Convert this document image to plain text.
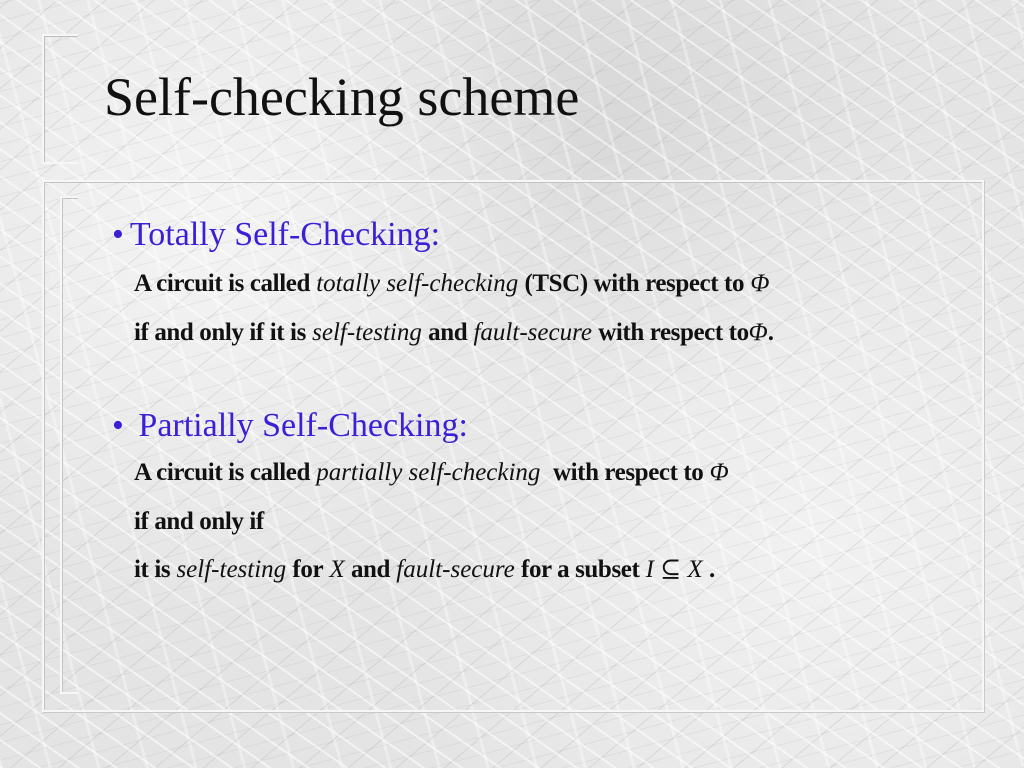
Self-checking scheme
• Totally Self-Checking:
A circuit is called totally self-checking (TSC) with respect to Φ
if and only if it is self-testing and fault-secure with respect toΦ.
• Partially Self-Checking:
A circuit is called partially self-checking with respect to Φ
if and only if
it is self-testing for X and fault-secure for a subset I ⊆ X .
